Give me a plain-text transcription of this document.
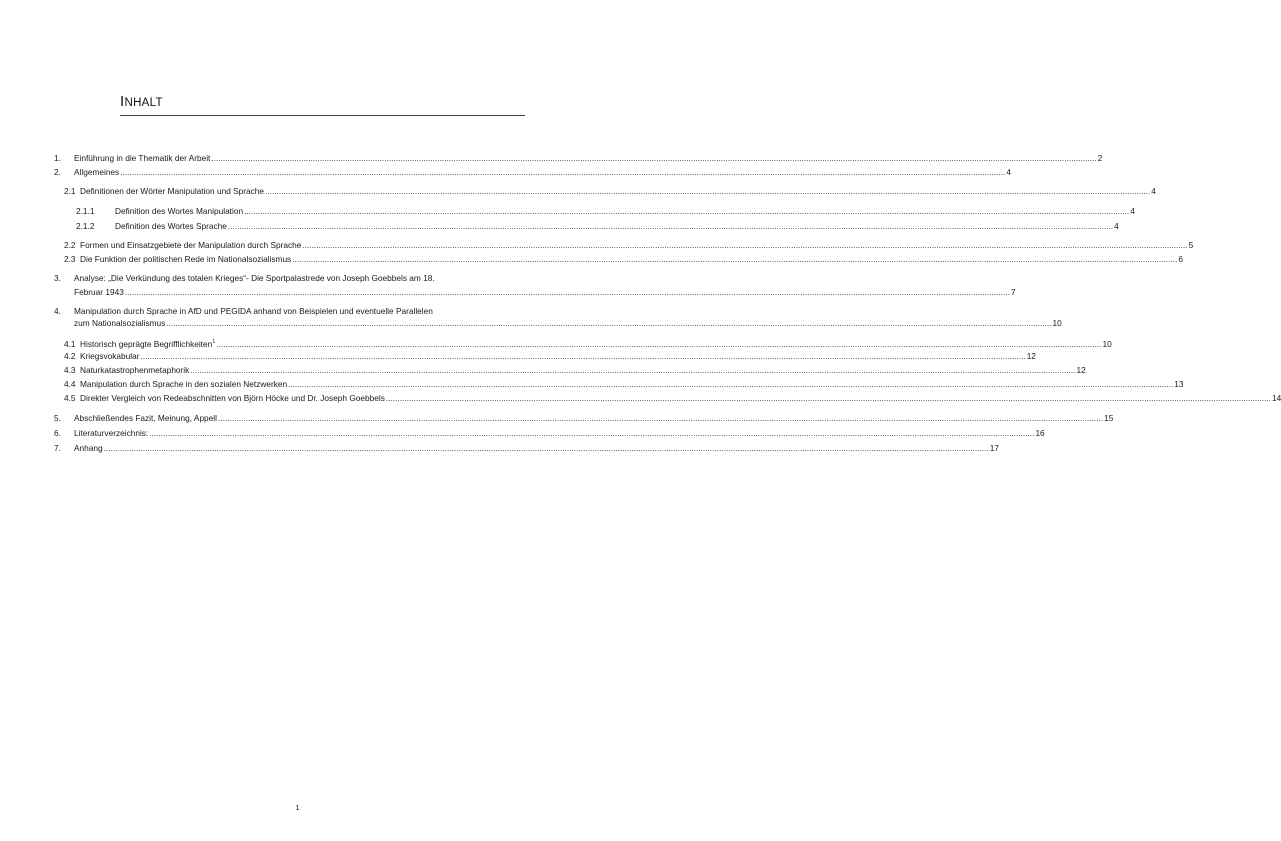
INHALT
1.	Einführung in die Thematik der Arbeit .....	2
2.	Allgemeines .....	4
2.1 Definitionen der Wörter Manipulation und Sprache .....	4
2.1.1	Definition des Wortes Manipulation .....	4
2.1.2	Definition des Wortes Sprache .....	4
2.2 Formen und Einsatzgebiete der Manipulation durch Sprache .....	5
2.3 Die Funktion der politischen Rede im Nationalsozialismus .....	6
3. Analyse: „Die Verkündung des totalen Krieges“- Die Sportpalastrede von Joseph Goebbels am 18.
Februar 1943 .....	7
4. Manipulation durch Sprache in AfD und PEGIDA anhand von Beispielen und eventuelle Parallelen
zum Nationalsozialismus .....	10
4.1 Historisch geprägte Begrifflichkeiten$^1$ .....	10
4.2 Kriegsvokabular .....	12
4.3 Naturkatastrophenmetaphorik .....	12
4.4 Manipulation durch Sprache in den sozialen Netzwerken .....	13
4.5 Direkter Vergleich von Redeabschnitten von Björn Höcke und Dr. Joseph Goebbels .....	14
5.	Abschließendes Fazit, Meinung, Appell .....	15
6.	Literaturverzeichnis: .....	16
7.	Anhang .....	17
1
